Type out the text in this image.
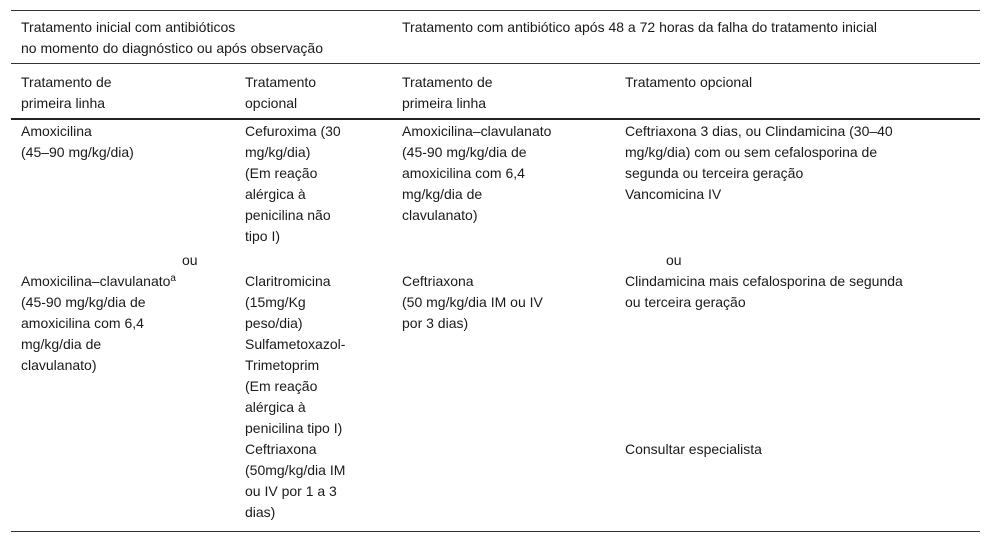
Tratamento inicial com antibióticos
no momento do diagnóstico ou após observação
Tratamento com antibiótico após 48 a 72 horas da falha do tratamento inicial
Tratamento de
primeira linha
Tratamento
opcional
Tratamento de
primeira linha
Tratamento opcional
Amoxicilina
(45–90 mg/kg/dia)
Cefuroxima (30
mg/kg/dia)
(Em reação
alérgica à
penicilina não
tipo I)
Amoxicilina–clavulanato
(45-90 mg/kg/dia de
amoxicilina com 6,4
mg/kg/dia de
clavulanato)
Ceftriaxona 3 dias, ou Clindamicina (30–40
mg/kg/dia) com ou sem cefalosporina de
segunda ou terceira geração
Vancomicina IV
ou	ou
Amoxicilina–clavulanato$^a$
(45-90 mg/kg/dia de
amoxicilina com 6,4
mg/kg/dia de
clavulanato)
Claritromicina
(15mg/Kg
peso/dia)
Sulfametoxazol-
Trimetoprim
(Em reação
alérgica à
penicilina tipo I)
Ceftriaxona
(50 mg/kg/dia IM ou IV
por 3 dias)
Clindamicina mais cefalosporina de segunda
ou terceira geração
Ceftriaxona
(50mg/kg/dia IM
ou IV por 1 a 3
dias)
Consultar especialista
